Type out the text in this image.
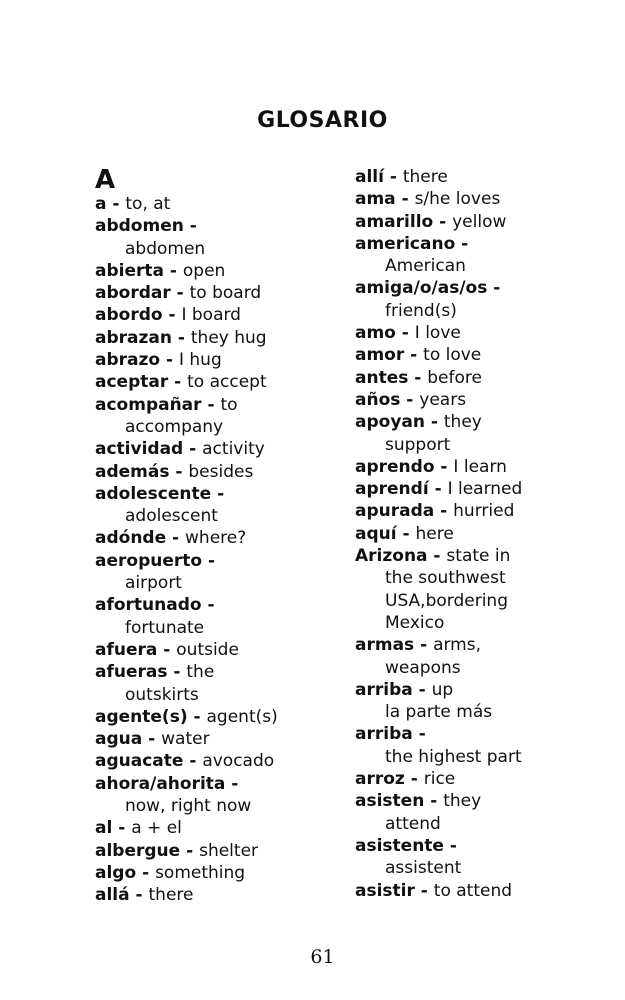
GLOSARIO
A
a - to, at
abdomen -
abdomen
abierta - open
abordar - to board
abordo - I board
abrazan - they hug
abrazo - I hug
aceptar - to accept
acompañar - to
accompany
actividad - activity
además - besides
adolescente -
adolescent
adónde - where?
aeropuerto -
airport
afortunado -
fortunate
afuera - outside
afueras - the
outskirts
agente(s) - agent(s)
agua - water
aguacate - avocado
ahora/ahorita -
now, right now
al - a + el
albergue - shelter
algo - something
allá - there
allí - there
ama - s/he loves
amarillo - yellow
americano -
American
amiga/o/as/os -
friend(s)
amo - I love
amor - to love
antes - before
años - years
apoyan - they
support
aprendo - I learn
aprendí - I learned
apurada - hurried
aquí - here
Arizona - state in
the southwest
USA,bordering
Mexico
armas - arms,
weapons
arriba - up
la parte más
arriba -
the highest part
arroz - rice
asisten - they
attend
asistente -
assistent
asistir - to attend
61
